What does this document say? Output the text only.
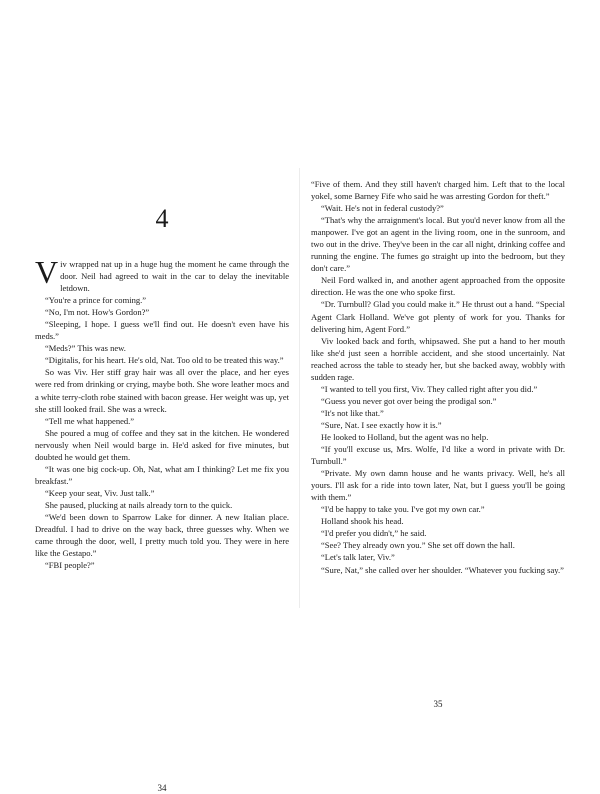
4

Viv wrapped nat up in a huge hug the moment he came through the door. Neil had agreed to wait in the car to delay the inevitable letdown.

“You're a prince for coming.”

“No, I'm not. How's Gordon?”

“Sleeping, I hope. I guess we'll find out. He doesn't even have his meds.”

“Meds?” This was new.

“Digitalis, for his heart. He's old, Nat. Too old to be treated this way.”

So was Viv. Her stiff gray hair was all over the place, and her eyes were red from drinking or crying, maybe both. She wore leather mocs and a white terry-cloth robe stained with bacon grease. Her weight was up, yet she still looked frail. She was a wreck.

“Tell me what happened.”

She poured a mug of coffee and they sat in the kitchen. He wondered nervously when Neil would barge in. He'd asked for five minutes, but doubted he would get them.

“It was one big cock-up. Oh, Nat, what am I thinking? Let me fix you breakfast.”

“Keep your seat, Viv. Just talk.”

She paused, plucking at nails already torn to the quick.

“We'd been down to Sparrow Lake for dinner. A new Italian place. Dreadful. I had to drive on the way back, three guesses why. When we came through the door, well, I pretty much told you. They were in here like the Gestapo.”

“FBI people?”

34

“Five of them. And they still haven't charged him. Left that to the local yokel, some Barney Fife who said he was arresting Gordon for theft.”

“Wait. He's not in federal custody?”

“That's why the arraignment's local. But you'd never know from all the manpower. I've got an agent in the living room, one in the sunroom, and two out in the drive. They've been in the car all night, drinking coffee and running the engine. The fumes go straight up into the bedroom, but they don't care.”

Neil Ford walked in, and another agent approached from the opposite direction. He was the one who spoke first.

“Dr. Turnbull? Glad you could make it.” He thrust out a hand. “Special Agent Clark Holland. We've got plenty of work for you. Thanks for delivering him, Agent Ford.”

Viv looked back and forth, whipsawed. She put a hand to her mouth like she'd just seen a horrible accident, and she stood uncertainly. Nat reached across the table to steady her, but she backed away, wobbly with sudden rage.

“I wanted to tell you first, Viv. They called right after you did.”

“Guess you never got over being the prodigal son.”

“It's not like that.”

“Sure, Nat. I see exactly how it is.”

He looked to Holland, but the agent was no help.

“If you'll excuse us, Mrs. Wolfe, I'd like a word in private with Dr. Turnbull.”

“Private. My own damn house and he wants privacy. Well, he's all yours. I'll ask for a ride into town later, Nat, but I guess you'll be going with them.”

“I'd be happy to take you. I've got my own car.”

Holland shook his head.

“I'd prefer you didn't,” he said.

“See? They already own you.” She set off down the hall.

“Let's talk later, Viv.”

“Sure, Nat,” she called over her shoulder. “Whatever you fucking say.”

35
